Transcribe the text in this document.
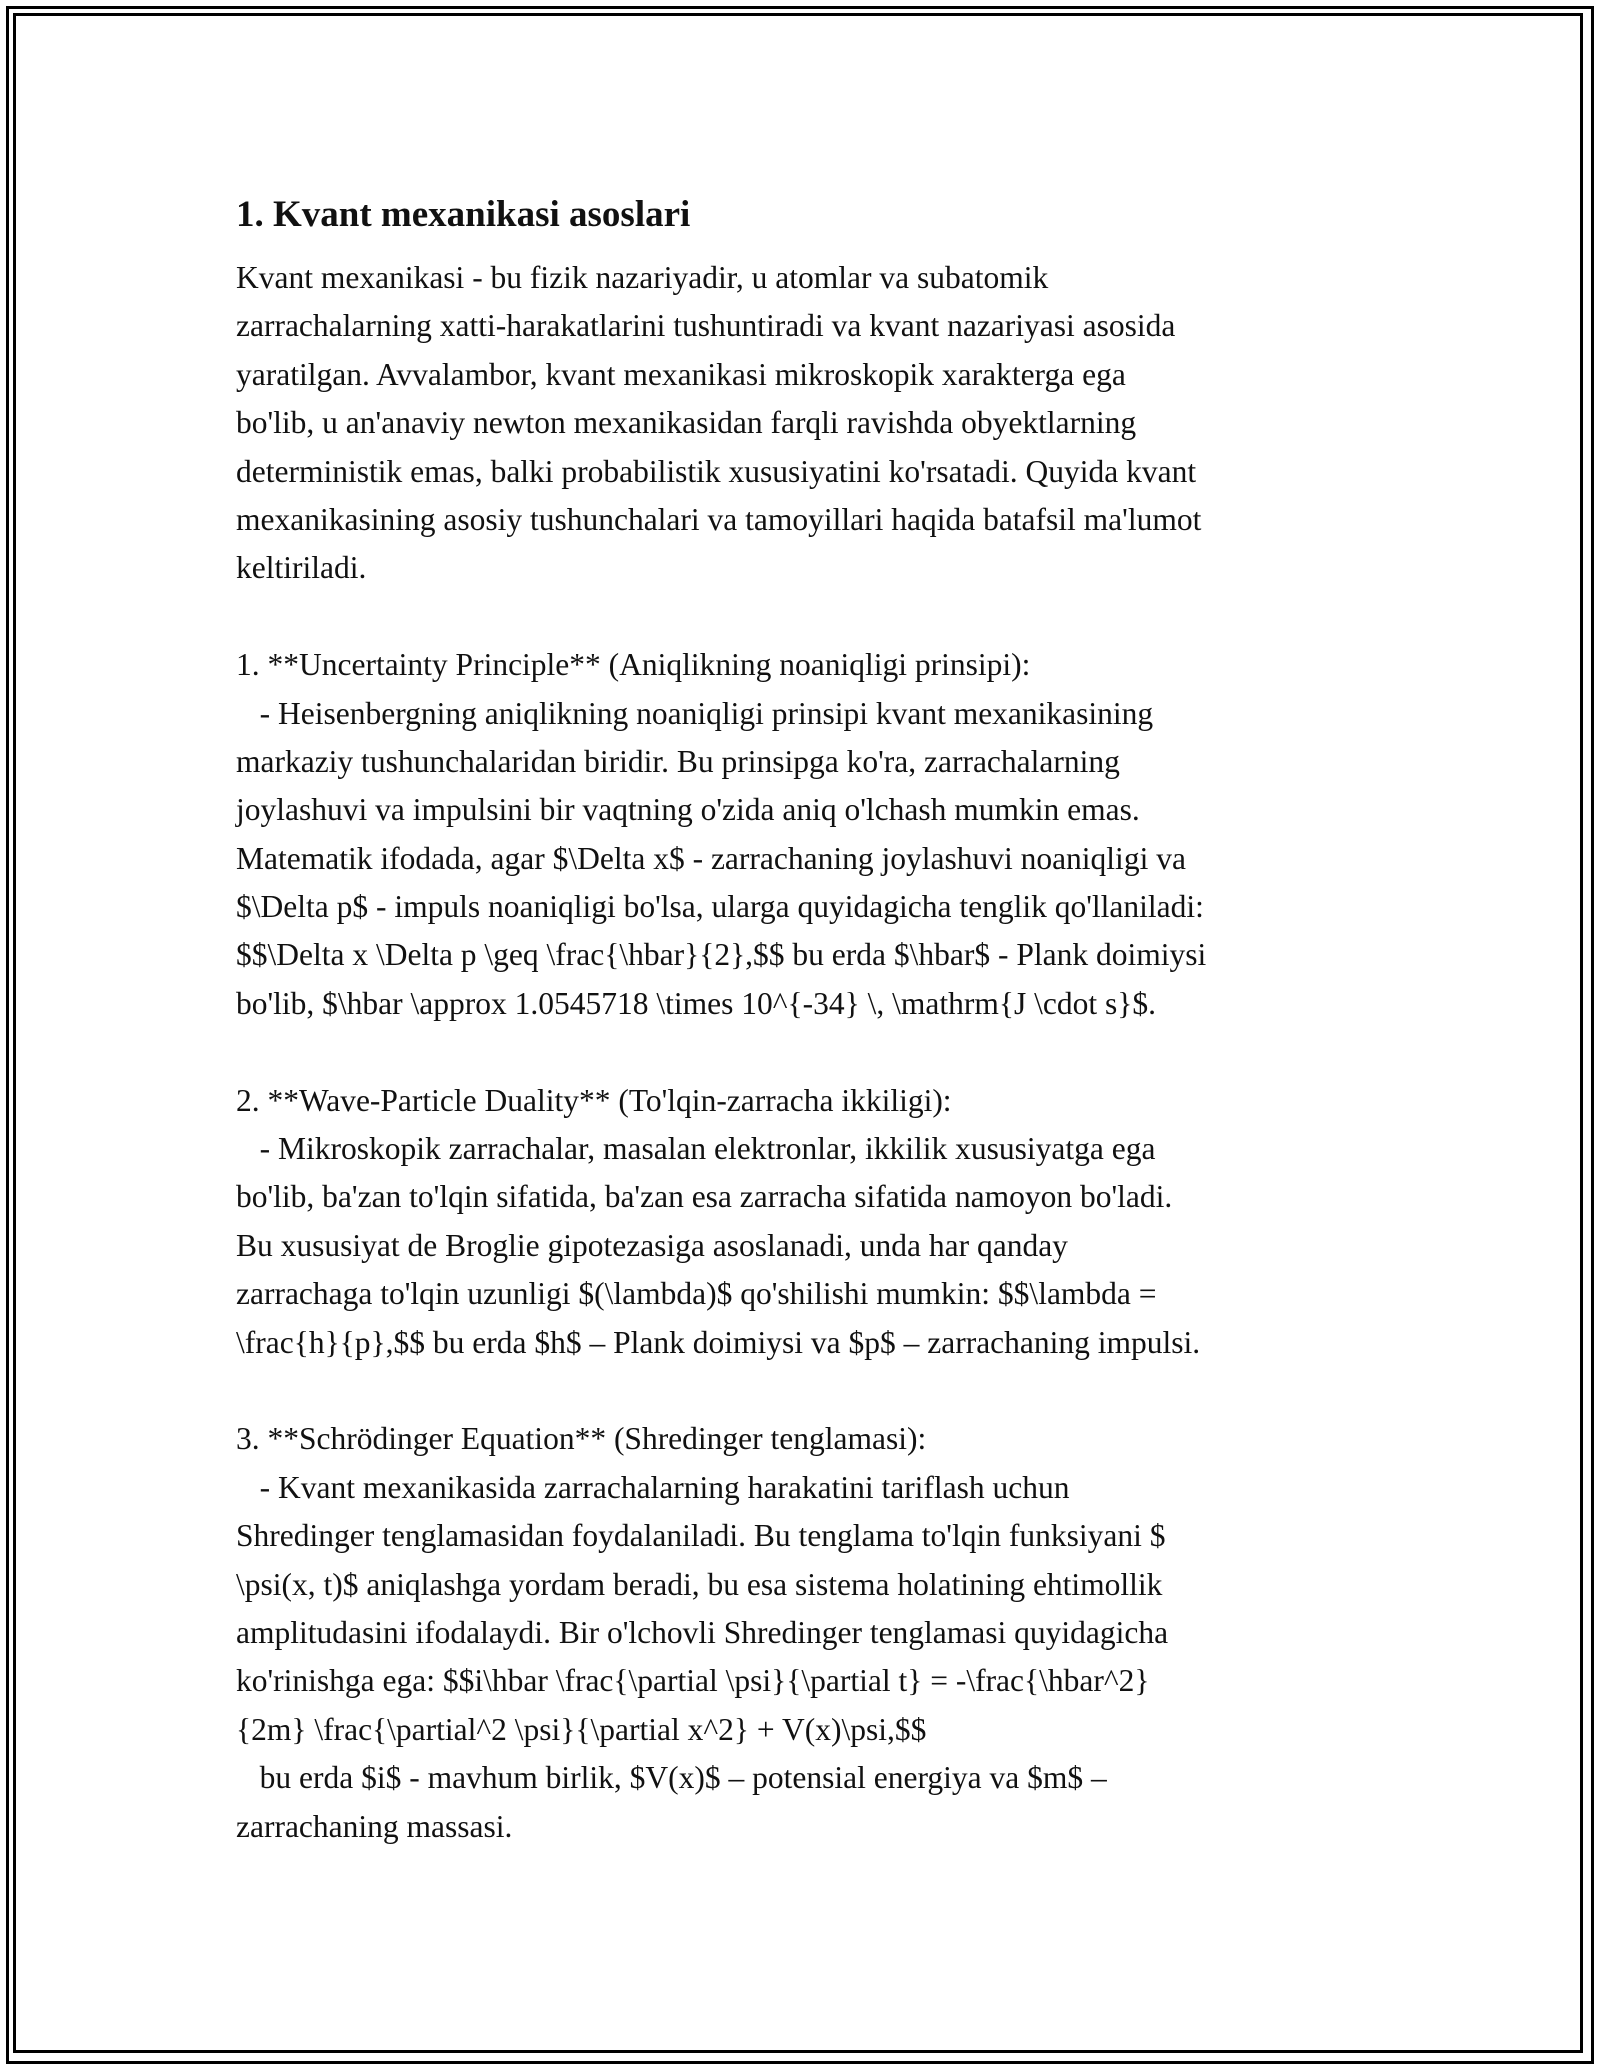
1. Kvant mexanikasi asoslari
Kvant mexanikasi - bu fizik nazariyadir, u atomlar va subatomik
zarrachalarning xatti-harakatlarini tushuntiradi va kvant nazariyasi asosida
yaratilgan. Avvalambor, kvant mexanikasi mikroskopik xarakterga ega
bo'lib, u an'anaviy newton mexanikasidan farqli ravishda obyektlarning
deterministik emas, balki probabilistik xususiyatini ko'rsatadi. Quyida kvant
mexanikasining asosiy tushunchalari va tamoyillari haqida batafsil ma'lumot
keltiriladi.
1. **Uncertainty Principle** (Aniqlikning noaniqligi prinsipi):
- Heisenbergning aniqlikning noaniqligi prinsipi kvant mexanikasining
markaziy tushunchalaridan biridir. Bu prinsipga ko'ra, zarrachalarning
joylashuvi va impulsini bir vaqtning o'zida aniq o'lchash mumkin emas.
Matematik ifodada, agar $\Delta x$ - zarrachaning joylashuvi noaniqligi va
$\Delta p$ - impuls noaniqligi bo'lsa, ularga quyidagicha tenglik qo'llaniladi:
$$\Delta x \Delta p \geq \frac{\hbar}{2},$$ bu erda $\hbar$ - Plank doimiysi
bo'lib, $\hbar \approx 1.0545718 \times 10^{-34} \, \mathrm{J \cdot s}$.
2. **Wave-Particle Duality** (To'lqin-zarracha ikkiligi):
- Mikroskopik zarrachalar, masalan elektronlar, ikkilik xususiyatga ega
bo'lib, ba'zan to'lqin sifatida, ba'zan esa zarracha sifatida namoyon bo'ladi.
Bu xususiyat de Broglie gipotezasiga asoslanadi, unda har qanday
zarrachaga to'lqin uzunligi $(\lambda)$ qo'shilishi mumkin: $$\lambda =
\frac{h}{p},$$ bu erda $h$ – Plank doimiysi va $p$ – zarrachaning impulsi.
3. **Schrödinger Equation** (Shredinger tenglamasi):
- Kvant mexanikasida zarrachalarning harakatini tariflash uchun
Shredinger tenglamasidan foydalaniladi. Bu tenglama to'lqin funksiyani $
\psi(x, t)$ aniqlashga yordam beradi, bu esa sistema holatining ehtimollik
amplitudasini ifodalaydi. Bir o'lchovli Shredinger tenglamasi quyidagicha
ko'rinishga ega: $$i\hbar \frac{\partial \psi}{\partial t} = -\frac{\hbar^2}
{2m} \frac{\partial^2 \psi}{\partial x^2} + V(x)\psi,$$
bu erda $i$ - mavhum birlik, $V(x)$ – potensial energiya va $m$ –
zarrachaning massasi.
